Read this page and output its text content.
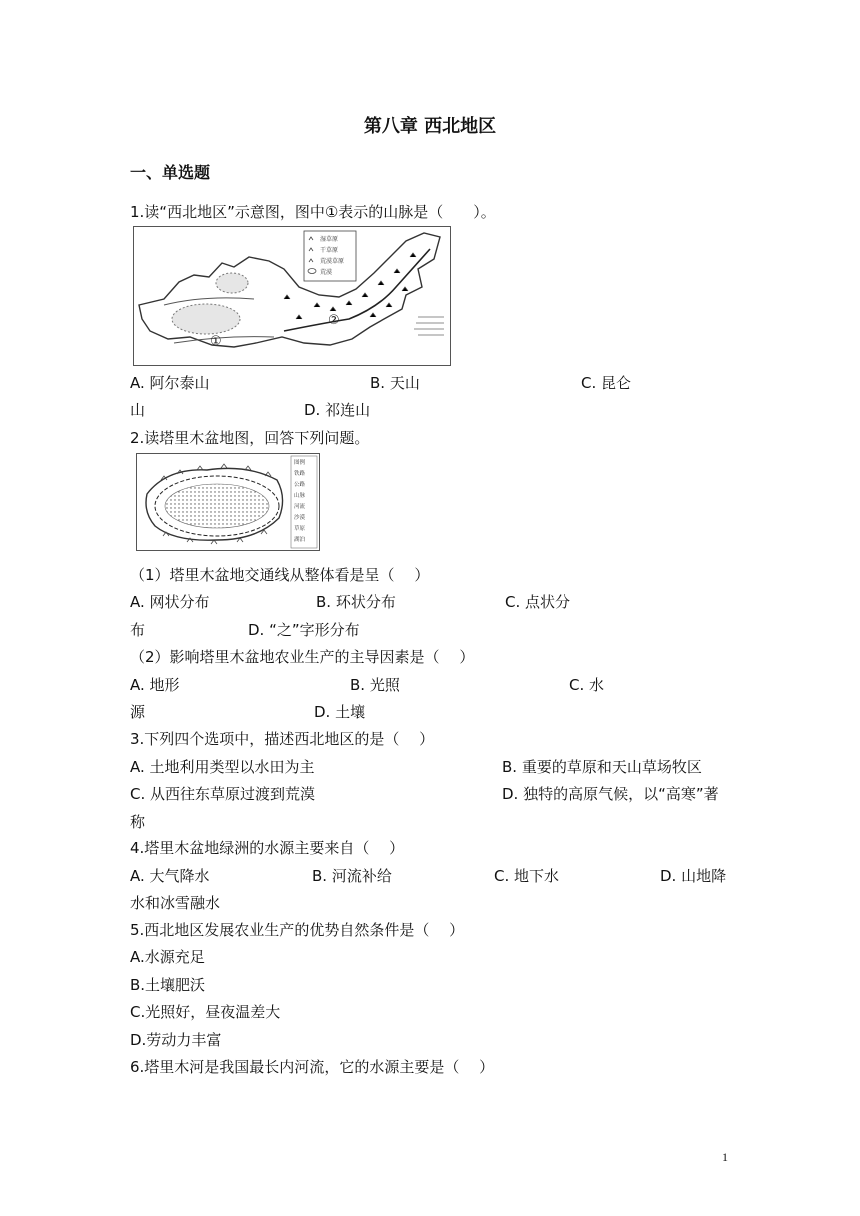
第八章 西北地区
一、单选题
1.读“西北地区”示意图，图中①表示的山脉是（　　）。
湿草原
干草原
荒漠草原
荒漠
①
②
A. 阿尔泰山	B. 天山	C. 昆仑
山	D. 祁连山
2.读塔里木盆地图，回答下列问题。
图例
铁路
公路
山脉
河流
沙漠
草原
湖泊
（1）塔里木盆地交通线从整体看是呈（　 ）
A. 网状分布	B. 环状分布	C. 点状分
布	D. “之”字形分布
（2）影响塔里木盆地农业生产的主导因素是（　 ）
A. 地形	B. 光照	C. 水
源	D. 土壤
3.下列四个选项中，描述西北地区的是（　 ）
A. 土地利用类型以水田为主	B. 重要的草原和天山草场牧区
C. 从西往东草原过渡到荒漠	D. 独特的高原气候，以“高寒”著
称
4.塔里木盆地绿洲的水源主要来自（　 ）
A. 大气降水	B. 河流补给	C. 地下水	D. 山地降
水和冰雪融水
5.西北地区发展农业生产的优势自然条件是（　 ）
A.水源充足
B.土壤肥沃
C.光照好，昼夜温差大
D.劳动力丰富
6.塔里木河是我国最长内河流，它的水源主要是（　 ）
1
